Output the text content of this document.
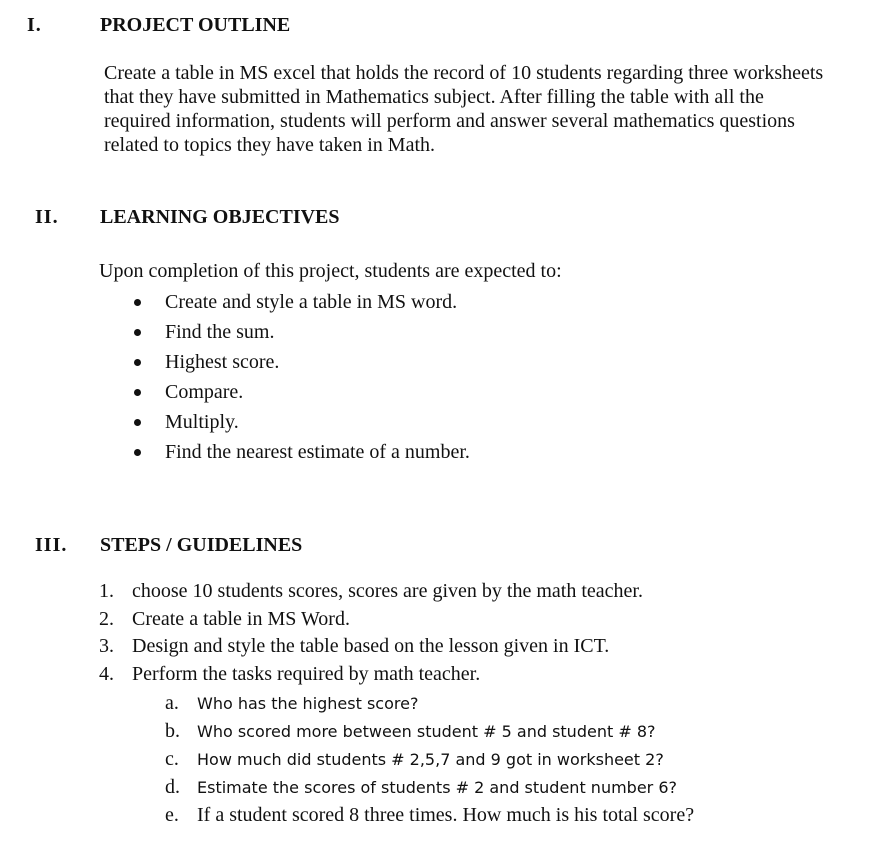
I.	PROJECT OUTLINE

Create a table in MS excel that holds the record of 10 students regarding three worksheets that they have submitted in Mathematics subject. After filling the table with all the required information, students will perform and answer several mathematics questions related to topics they have taken in Math.

II. LEARNING OBJECTIVES
Upon completion of this project, students are expected to:
Create and style a table in MS word.
Find the sum.
Highest score.
Compare.
Multiply.
Find the nearest estimate of a number.
III. STEPS / GUIDELINES
1. choose 10 students scores, scores are given by the math teacher.
2. Create a table in MS Word.
3. Design and style the table based on the lesson given in ICT.
4. Perform the tasks required by math teacher.
a. Who has the highest score?
b. Who scored more between student # 5 and student # 8?
c. How much did students # 2,5,7 and 9 got in worksheet 2?
d. Estimate the scores of students # 2 and student number 6?
e. If a student scored 8 three times. How much is his total score?
